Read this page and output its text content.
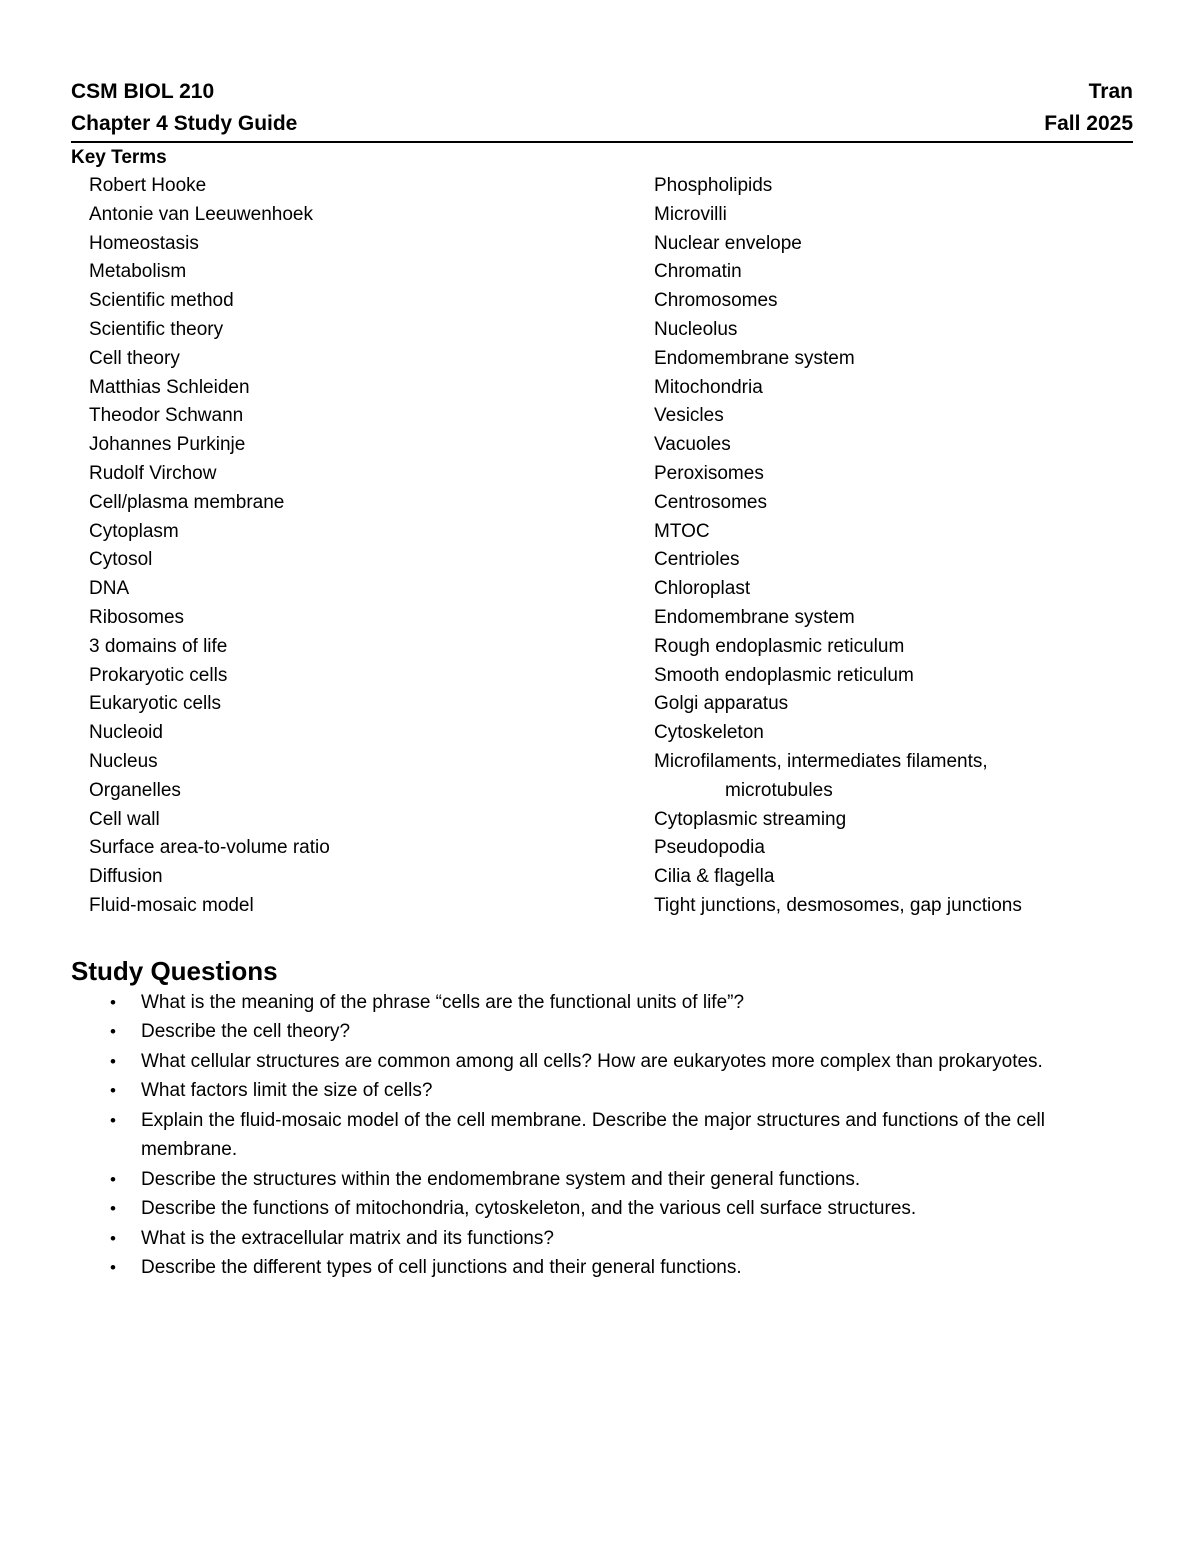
CSM BIOL 210	Tran
Chapter 4 Study Guide	Fall 2025
Key Terms
Robert Hooke
Antonie van Leeuwenhoek
Homeostasis
Metabolism
Scientific method
Scientific theory
Cell theory
Matthias Schleiden
Theodor Schwann
Johannes Purkinje
Rudolf Virchow
Cell/plasma membrane
Cytoplasm
Cytosol
DNA
Ribosomes
3 domains of life
Prokaryotic cells
Eukaryotic cells
Nucleoid
Nucleus
Organelles
Cell wall
Surface area-to-volume ratio
Diffusion
Fluid-mosaic model
Phospholipids
Microvilli
Nuclear envelope
Chromatin
Chromosomes
Nucleolus
Endomembrane system
Mitochondria
Vesicles
Vacuoles
Peroxisomes
Centrosomes
MTOC
Centrioles
Chloroplast
Endomembrane system
Rough endoplasmic reticulum
Smooth endoplasmic reticulum
Golgi apparatus
Cytoskeleton
Microfilaments, intermediates filaments,
microtubules
Cytoplasmic streaming
Pseudopodia
Cilia & flagella
Tight junctions, desmosomes, gap junctions
Study Questions
• What is the meaning of the phrase “cells are the functional units of life”?
• Describe the cell theory?
• What cellular structures are common among all cells? How are eukaryotes more complex than prokaryotes.
• What factors limit the size of cells?
• Explain the fluid-mosaic model of the cell membrane. Describe the major structures and functions of the cell membrane.
• Describe the structures within the endomembrane system and their general functions.
• Describe the functions of mitochondria, cytoskeleton, and the various cell surface structures.
• What is the extracellular matrix and its functions?
• Describe the different types of cell junctions and their general functions.
